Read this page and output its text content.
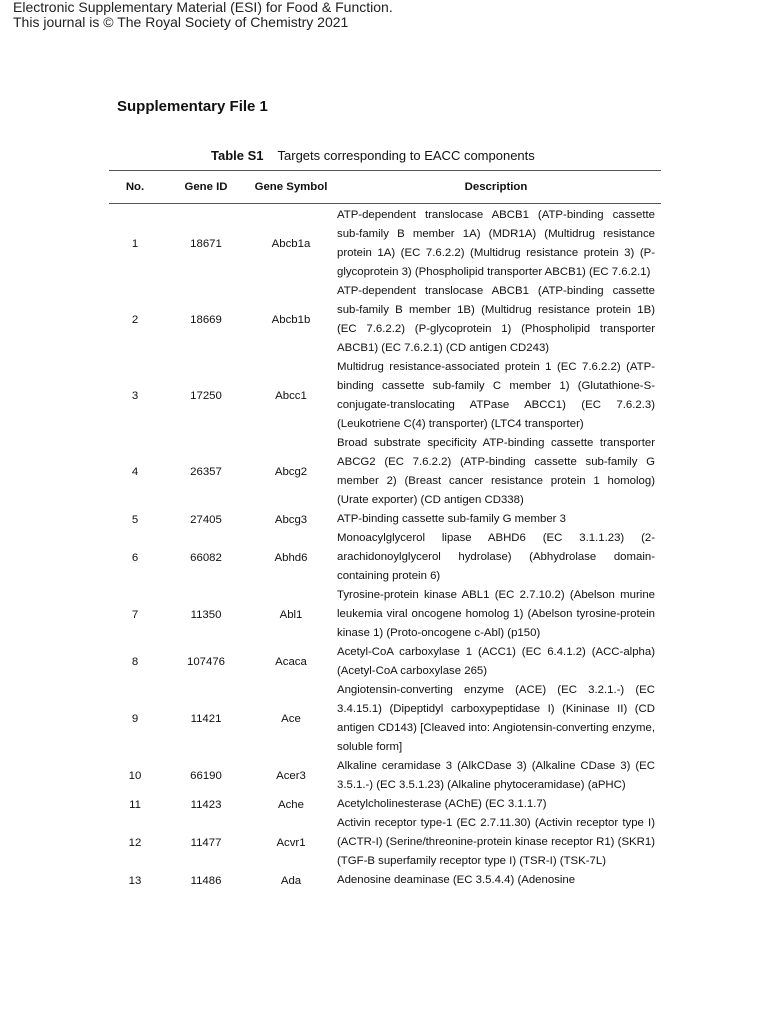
Electronic Supplementary Material (ESI) for Food & Function.
This journal is © The Royal Society of Chemistry 2021
Supplementary File 1
Table S1 Targets corresponding to EACC components
No.	Gene ID	Gene Symbol	Description
1	18671	Abcb1a	ATP-dependent translocase ABCB1 (ATP-binding cassette sub-family B member 1A) (MDR1A) (Multidrug resistance protein 1A) (EC 7.6.2.2) (Multidrug resistance protein 3) (P-glycoprotein 3) (Phospholipid transporter ABCB1) (EC 7.6.2.1)
2	18669	Abcb1b	ATP-dependent translocase ABCB1 (ATP-binding cassette sub-family B member 1B) (Multidrug resistance protein 1B) (EC 7.6.2.2) (P-glycoprotein 1) (Phospholipid transporter ABCB1) (EC 7.6.2.1) (CD antigen CD243)
3	17250	Abcc1	Multidrug resistance-associated protein 1 (EC 7.6.2.2) (ATP-binding cassette sub-family C member 1) (Glutathione-S-conjugate-translocating ATPase ABCC1) (EC 7.6.2.3) (Leukotriene C(4) transporter) (LTC4 transporter)
4	26357	Abcg2	Broad substrate specificity ATP-binding cassette transporter ABCG2 (EC 7.6.2.2) (ATP-binding cassette sub-family G member 2) (Breast cancer resistance protein 1 homolog) (Urate exporter) (CD antigen CD338)
5	27405	Abcg3	ATP-binding cassette sub-family G member 3
6	66082	Abhd6	Monoacylglycerol lipase ABHD6 (EC 3.1.1.23) (2-arachidonoylglycerol hydrolase) (Abhydrolase domain-containing protein 6)
7	11350	Abl1	Tyrosine-protein kinase ABL1 (EC 2.7.10.2) (Abelson murine leukemia viral oncogene homolog 1) (Abelson tyrosine-protein kinase 1) (Proto-oncogene c-Abl) (p150)
8	107476	Acaca	Acetyl-CoA carboxylase 1 (ACC1) (EC 6.4.1.2) (ACC-alpha) (Acetyl-CoA carboxylase 265)
9	11421	Ace	Angiotensin-converting enzyme (ACE) (EC 3.2.1.-) (EC 3.4.15.1) (Dipeptidyl carboxypeptidase I) (Kininase II) (CD antigen CD143) [Cleaved into: Angiotensin-converting enzyme, soluble form]
10	66190	Acer3	Alkaline ceramidase 3 (AlkCDase 3) (Alkaline CDase 3) (EC 3.5.1.-) (EC 3.5.1.23) (Alkaline phytoceramidase) (aPHC)
11	11423	Ache	Acetylcholinesterase (AChE) (EC 3.1.1.7)
12	11477	Acvr1	Activin receptor type-1 (EC 2.7.11.30) (Activin receptor type I) (ACTR-I) (Serine/threonine-protein kinase receptor R1) (SKR1) (TGF-B superfamily receptor type I) (TSR-I) (TSK-7L)
13	11486	Ada	Adenosine deaminase (EC 3.5.4.4) (Adenosine
